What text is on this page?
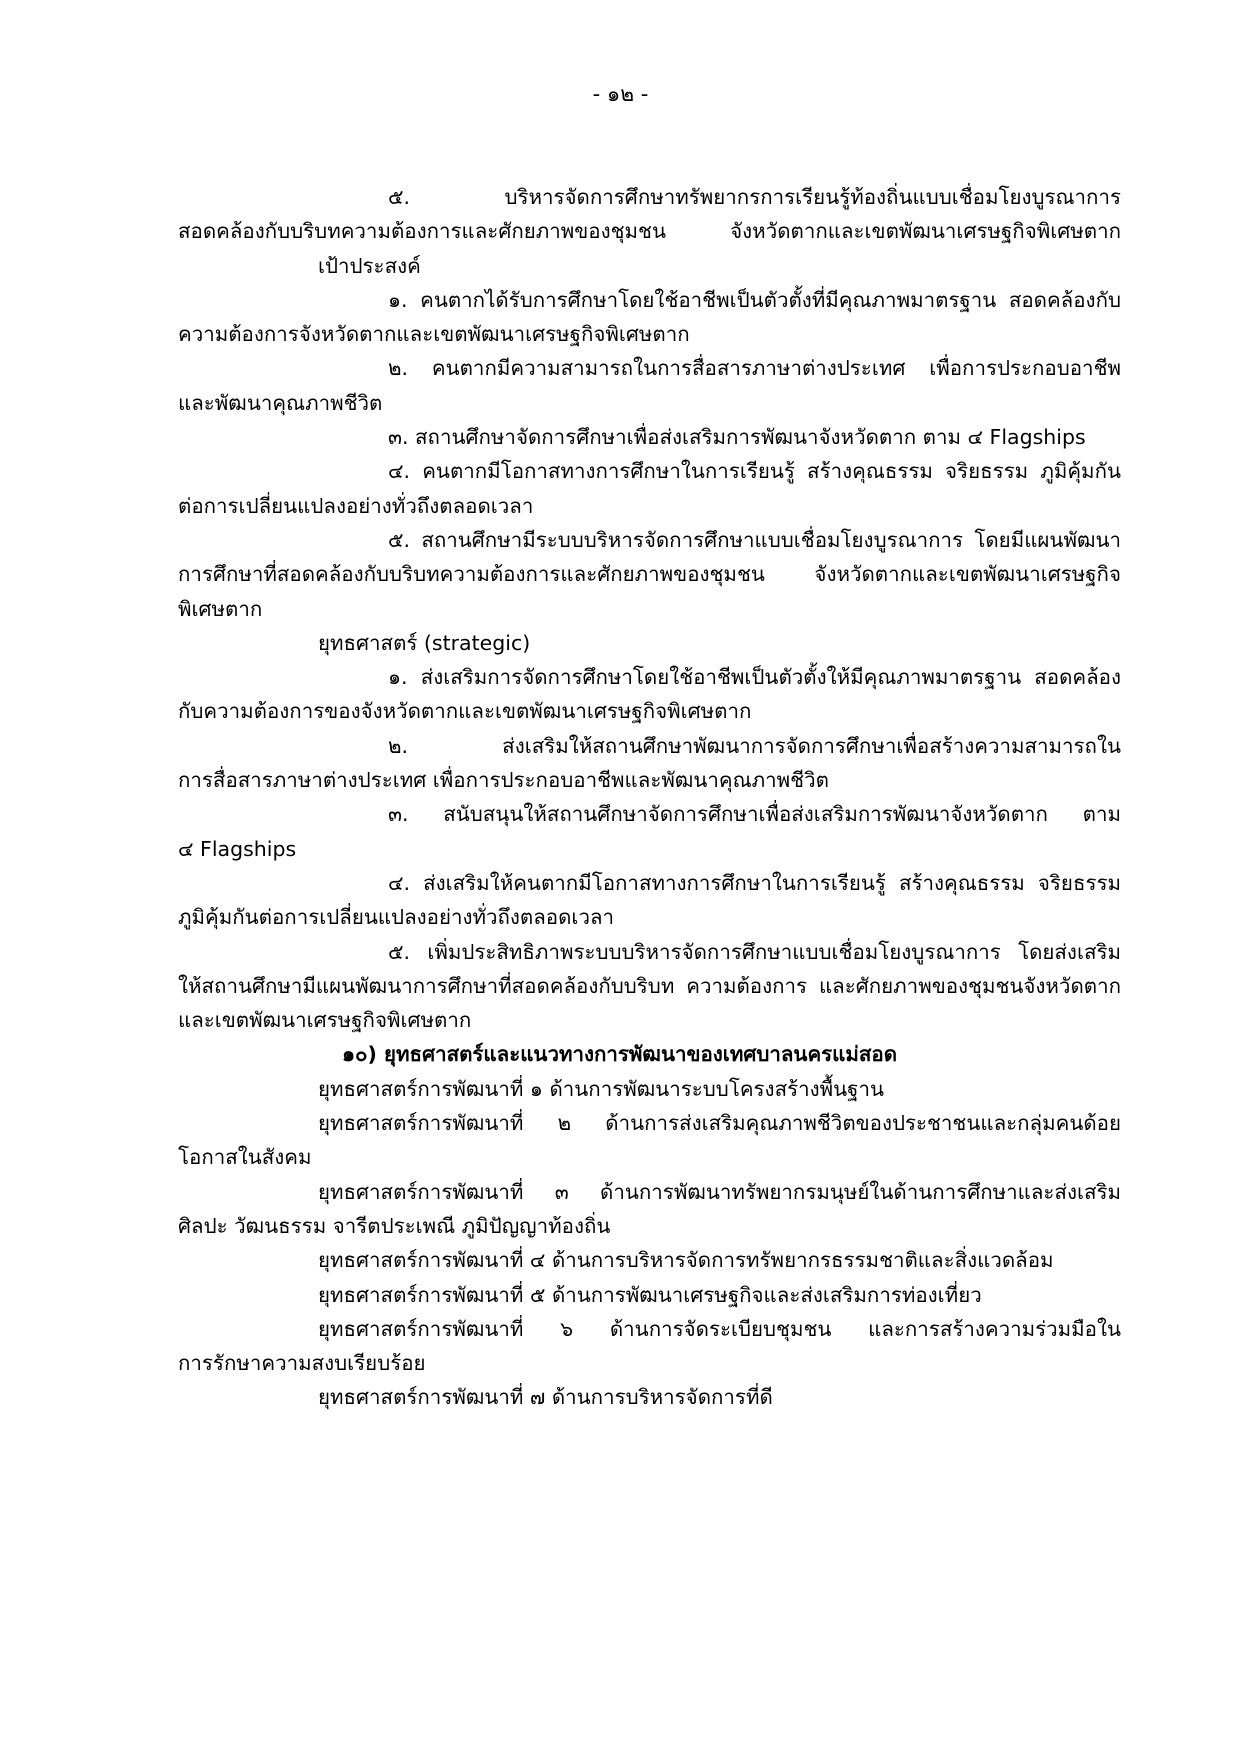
- ๑๒ -
๕. บริหารจัดการศึกษาทรัพยากรการเรียนรู้ท้องถิ่นแบบเชื่อมโยงบูรณาการ
สอดคล้องกับบริบทความต้องการและศักยภาพของชุมชน จังหวัดตากและเขตพัฒนาเศรษฐกิจพิเศษตาก
เป้าประสงค์
๑. คนตากได้รับการศึกษาโดยใช้อาชีพเป็นตัวตั้งที่มีคุณภาพมาตรฐาน สอดคล้องกับ
ความต้องการจังหวัดตากและเขตพัฒนาเศรษฐกิจพิเศษตาก
๒. คนตากมีความสามารถในการสื่อสารภาษาต่างประเทศ เพื่อการประกอบอาชีพ
และพัฒนาคุณภาพชีวิต
๓. สถานศึกษาจัดการศึกษาเพื่อส่งเสริมการพัฒนาจังหวัดตาก ตาม ๔ Flagships
๔. คนตากมีโอกาสทางการศึกษาในการเรียนรู้ สร้างคุณธรรม จริยธรรม ภูมิคุ้มกัน
ต่อการเปลี่ยนแปลงอย่างทั่วถึงตลอดเวลา
๕. สถานศึกษามีระบบบริหารจัดการศึกษาแบบเชื่อมโยงบูรณาการ โดยมีแผนพัฒนา
การศึกษาที่สอดคล้องกับบริบทความต้องการและศักยภาพของชุมชน จังหวัดตากและเขตพัฒนาเศรษฐกิจ
พิเศษตาก
ยุทธศาสตร์ (strategic)
๑. ส่งเสริมการจัดการศึกษาโดยใช้อาชีพเป็นตัวตั้งให้มีคุณภาพมาตรฐาน สอดคล้อง
กับความต้องการของจังหวัดตากและเขตพัฒนาเศรษฐกิจพิเศษตาก
๒. ส่งเสริมให้สถานศึกษาพัฒนาการจัดการศึกษาเพื่อสร้างความสามารถใน
การสื่อสารภาษาต่างประเทศ เพื่อการประกอบอาชีพและพัฒนาคุณภาพชีวิต
๓. สนับสนุนให้สถานศึกษาจัดการศึกษาเพื่อส่งเสริมการพัฒนาจังหวัดตาก ตาม
๔ Flagships
๔. ส่งเสริมให้คนตากมีโอกาสทางการศึกษาในการเรียนรู้ สร้างคุณธรรม จริยธรรม
ภูมิคุ้มกันต่อการเปลี่ยนแปลงอย่างทั่วถึงตลอดเวลา
๕. เพิ่มประสิทธิภาพระบบบริหารจัดการศึกษาแบบเชื่อมโยงบูรณาการ โดยส่งเสริม
ให้สถานศึกษามีแผนพัฒนาการศึกษาที่สอดคล้องกับบริบท ความต้องการ และศักยภาพของชุมชนจังหวัดตาก
และเขตพัฒนาเศรษฐกิจพิเศษตาก
๑๐) ยุทธศาสตร์และแนวทางการพัฒนาของเทศบาลนครแม่สอด
ยุทธศาสตร์การพัฒนาที่ ๑ ด้านการพัฒนาระบบโครงสร้างพื้นฐาน
ยุทธศาสตร์การพัฒนาที่ ๒ ด้านการส่งเสริมคุณภาพชีวิตของประชาชนและกลุ่มคนด้อย
โอกาสในสังคม
ยุทธศาสตร์การพัฒนาที่ ๓ ด้านการพัฒนาทรัพยากรมนุษย์ในด้านการศึกษาและส่งเสริม
ศิลปะ วัฒนธรรม จารีตประเพณี ภูมิปัญญาท้องถิ่น
ยุทธศาสตร์การพัฒนาที่ ๔ ด้านการบริหารจัดการทรัพยากรธรรมชาติและสิ่งแวดล้อม
ยุทธศาสตร์การพัฒนาที่ ๕ ด้านการพัฒนาเศรษฐกิจและส่งเสริมการท่องเที่ยว
ยุทธศาสตร์การพัฒนาที่ ๖ ด้านการจัดระเบียบชุมชน และการสร้างความร่วมมือใน
การรักษาความสงบเรียบร้อย
ยุทธศาสตร์การพัฒนาที่ ๗ ด้านการบริหารจัดการที่ดี
